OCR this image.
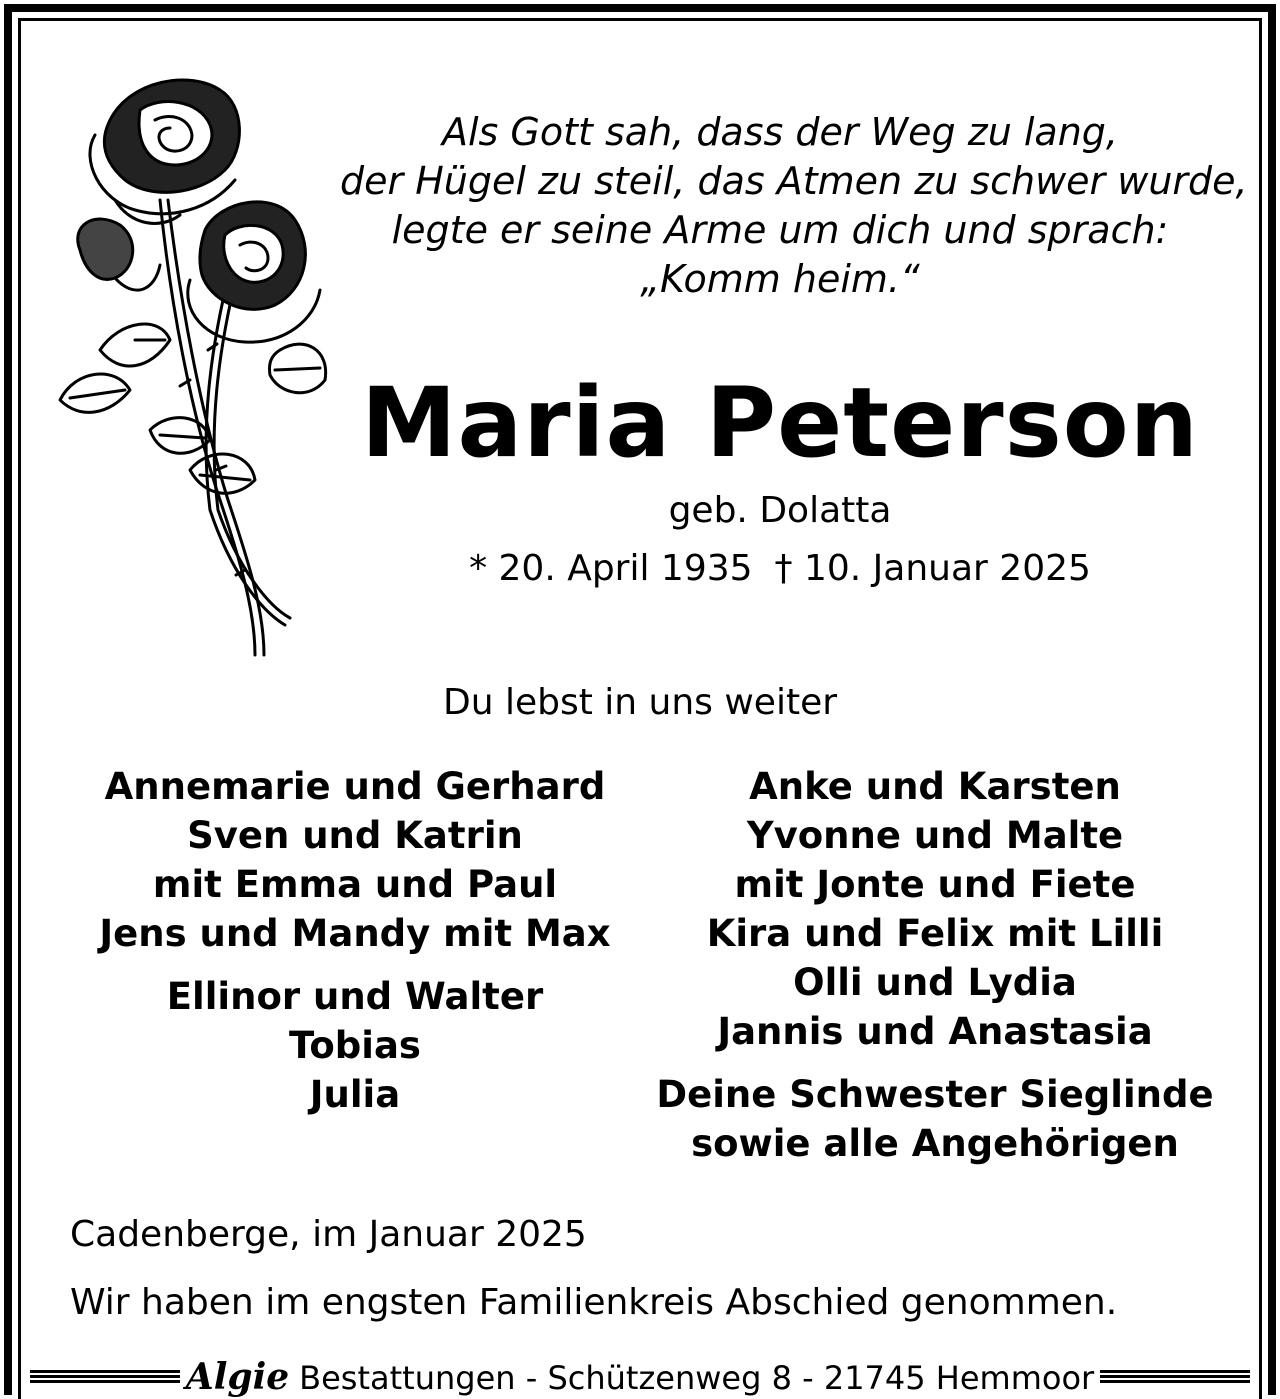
Als Gott sah, dass der Weg zu lang,
der Hügel zu steil, das Atmen zu schwer wurde,
legte er seine Arme um dich und sprach:
„Komm heim.“
Maria Peterson
geb. Dolatta
* 20. April 1935 † 10. Januar 2025
Du lebst in uns weiter
Annemarie und Gerhard
Sven und Katrin
mit Emma und Paul
Jens und Mandy mit Max
Ellinor und Walter
Tobias
Julia
Anke und Karsten
Yvonne und Malte
mit Jonte und Fiete
Kira und Felix mit Lilli
Olli und Lydia
Jannis und Anastasia
Deine Schwester Sieglinde
sowie alle Angehörigen
Cadenberge, im Januar 2025
Wir haben im engsten Familienkreis Abschied genommen.
Algie Bestattungen - Schützenweg 8 - 21745 Hemmoor
